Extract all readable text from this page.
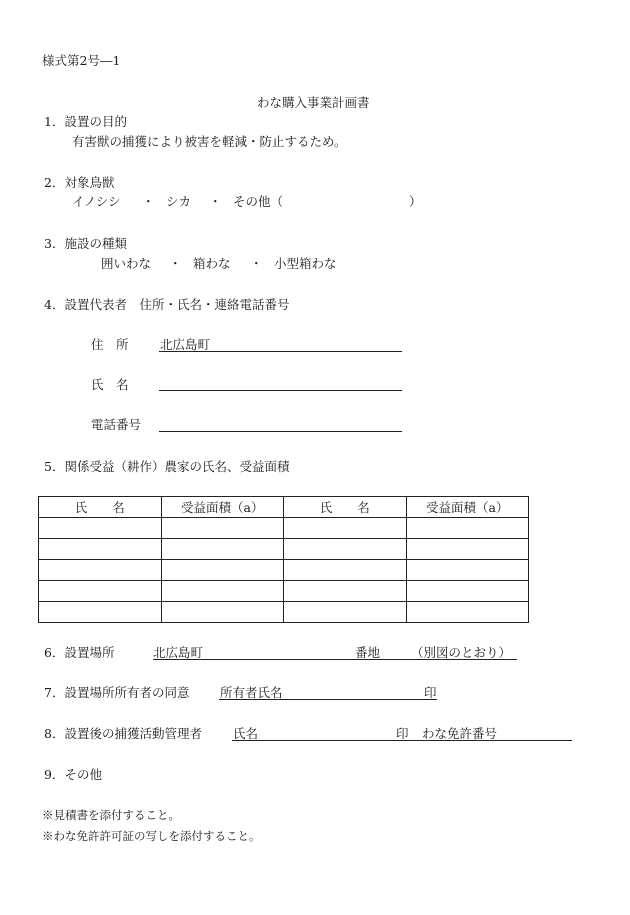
様式第2号―1
わな購入事業計画書
1．設置の目的
有害獣の捕獲により被害を軽減・防止するため。
2．対象鳥獣
イノシシ ・ シカ ・ その他（	）
3．施設の種類
囲いわな ・ 箱わな ・ 小型箱わな
4．設置代表者　住所・氏名・連絡電話番号
住　所	北広島町
氏　名
電話番号
5．関係受益（耕作）農家の氏名、受益面積
氏　　名	受益面積（a）	氏　　名	受益面積（a）

6．設置場所	北広島町	番地 （別図のとおり）
7．設置場所所有者の同意 所有者氏名	印
8．設置後の捕獲活動管理者 氏名	印 わな免許番号
9．その他
※見積書を添付すること。
※わな免許許可証の写しを添付すること。
